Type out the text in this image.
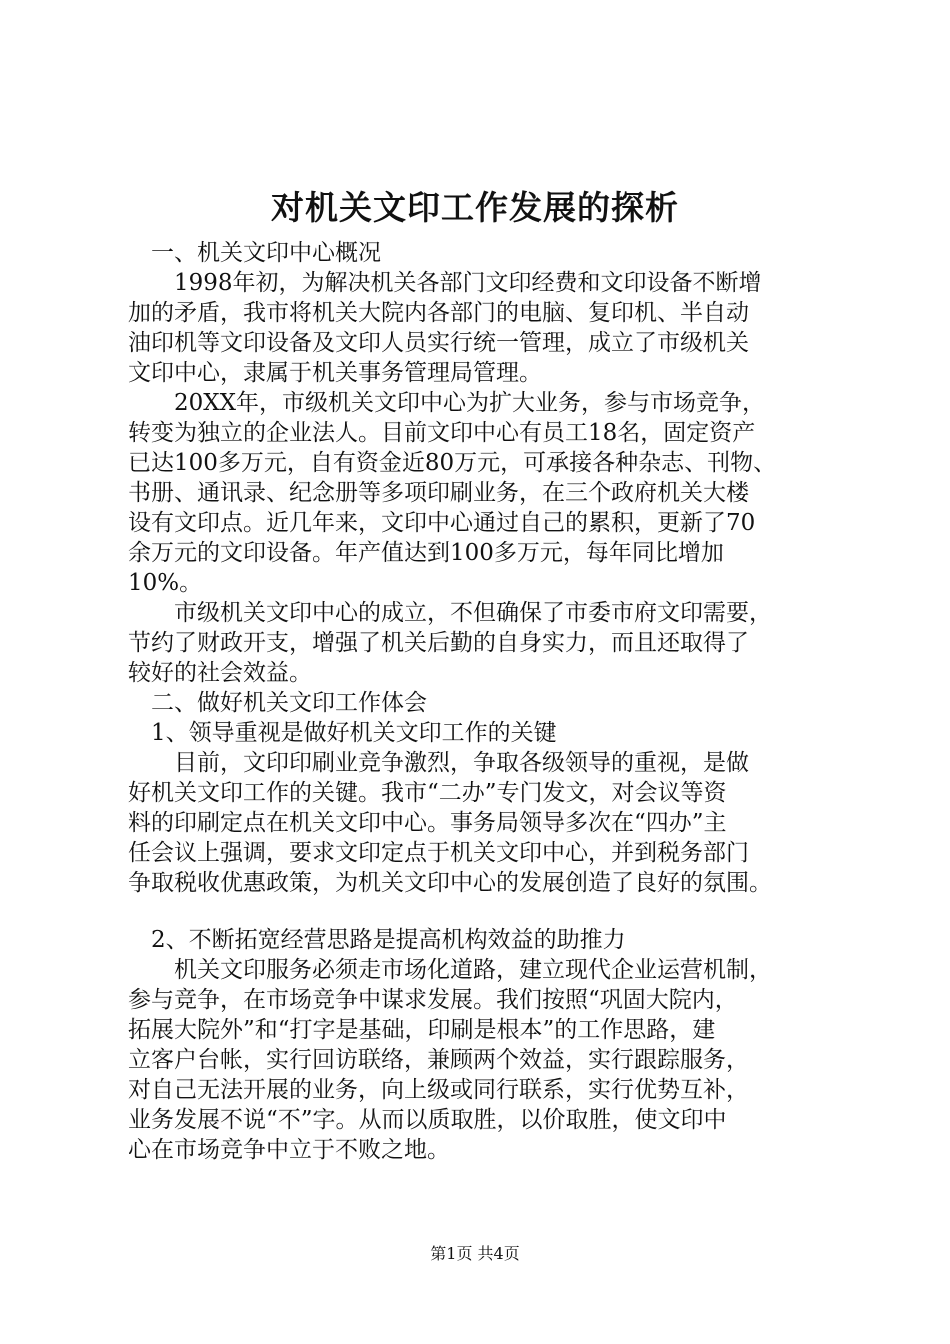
对机关文印工作发展的探析
　一、机关文印中心概况
　　1998年初，为解决机关各部门文印经费和文印设备不断增
加的矛盾，我市将机关大院内各部门的电脑、复印机、半自动
油印机等文印设备及文印人员实行统一管理，成立了市级机关
文印中心，隶属于机关事务管理局管理。
　　20XX年，市级机关文印中心为扩大业务，参与市场竞争，
转变为独立的企业法人。目前文印中心有员工18名，固定资产
已达100多万元，自有资金近80万元，可承接各种杂志、刊物、
书册、通讯录、纪念册等多项印刷业务，在三个政府机关大楼
设有文印点。近几年来，文印中心通过自己的累积，更新了70
余万元的文印设备。年产值达到100多万元，每年同比增加
10%。
　　市级机关文印中心的成立，不但确保了市委市府文印需要，
节约了财政开支，增强了机关后勤的自身实力，而且还取得了
较好的社会效益。
　二、做好机关文印工作体会
　1、领导重视是做好机关文印工作的关键
　　目前，文印印刷业竞争激烈，争取各级领导的重视，是做
好机关文印工作的关键。我市“二办”专门发文，对会议等资
料的印刷定点在机关文印中心。事务局领导多次在“四办”主
任会议上强调，要求文印定点于机关文印中心，并到税务部门
争取税收优惠政策，为机关文印中心的发展创造了良好的氛围。
　2、不断拓宽经营思路是提高机构效益的助推力
　　机关文印服务必须走市场化道路，建立现代企业运营机制，
参与竞争，在市场竞争中谋求发展。我们按照“巩固大院内，
拓展大院外”和“打字是基础，印刷是根本”的工作思路，建
立客户台帐，实行回访联络，兼顾两个效益，实行跟踪服务，
对自己无法开展的业务，向上级或同行联系，实行优势互补，
业务发展不说“不”字。从而以质取胜，以价取胜，使文印中
心在市场竞争中立于不败之地。
第1页 共4页
